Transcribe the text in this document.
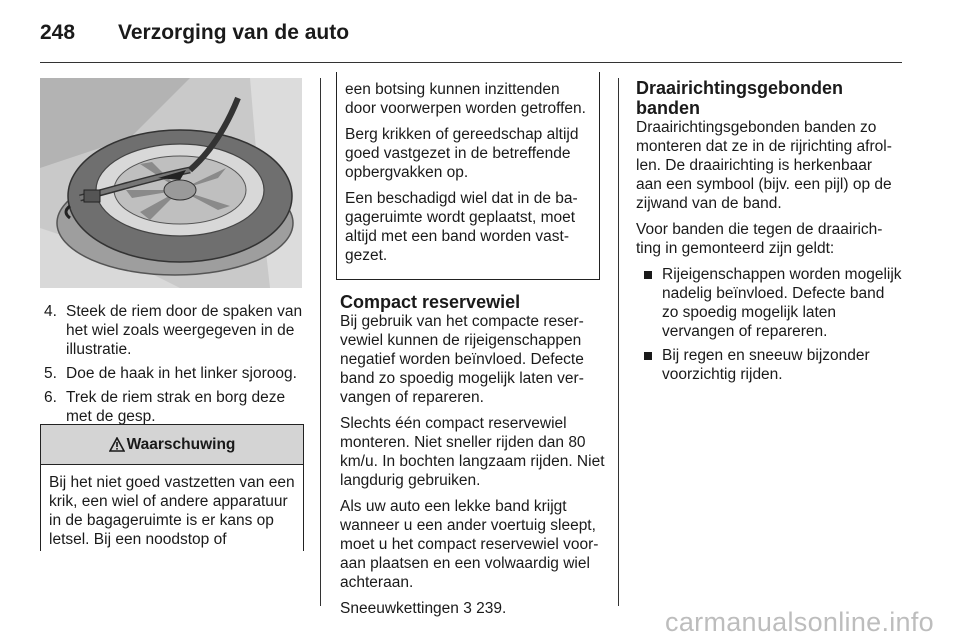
248	Verzorging van de auto
4. Steek de riem door de spaken van het wiel zoals weergegeven in de illustratie.
5. Doe de haak in het linker sjoroog.
6. Trek de riem strak en borg deze met de gesp.
Waarschuwing
Bij het niet goed vastzetten van een krik, een wiel of andere apparatuur in de bagageruimte is er kans op letsel. Bij een noodstop of

een botsing kunnen inzittenden door voorwerpen worden getroffen.

Berg krikken of gereedschap altijd goed vastgezet in de betreffende opbergvakken op.

Een beschadigd wiel dat in de bagageruimte wordt geplaatst, moet altijd met een band worden vastgezet.

Compact reservewiel

Bij gebruik van het compacte reservewiel kunnen de rijeigenschappen negatief worden beïnvloed. Defecte band zo spoedig mogelijk laten vervangen of repareren.

Slechts één compact reservewiel monteren. Niet sneller rijden dan 80 km/u. In bochten langzaam rijden. Niet langdurig gebruiken.

Als uw auto een lekke band krijgt wanneer u een ander voertuig sleept, moet u het compact reservewiel vooraan plaatsen en een volwaardig wiel achteraan.

Sneeuwkettingen 3 239.

Draairichtingsgebonden
banden

Draairichtingsgebonden banden zo monteren dat ze in de rijrichting afrollen. De draairichting is herkenbaar aan een symbool (bijv. een pijl) op de zijwand van de band.

Voor banden die tegen de draairichting in gemonteerd zijn geldt:

Rijeigenschappen worden mogelijk nadelig beïnvloed. Defecte band zo spoedig mogelijk laten vervangen of repareren.
Bij regen en sneeuw bijzonder voorzichtig rijden.
carmanualsonline.info
